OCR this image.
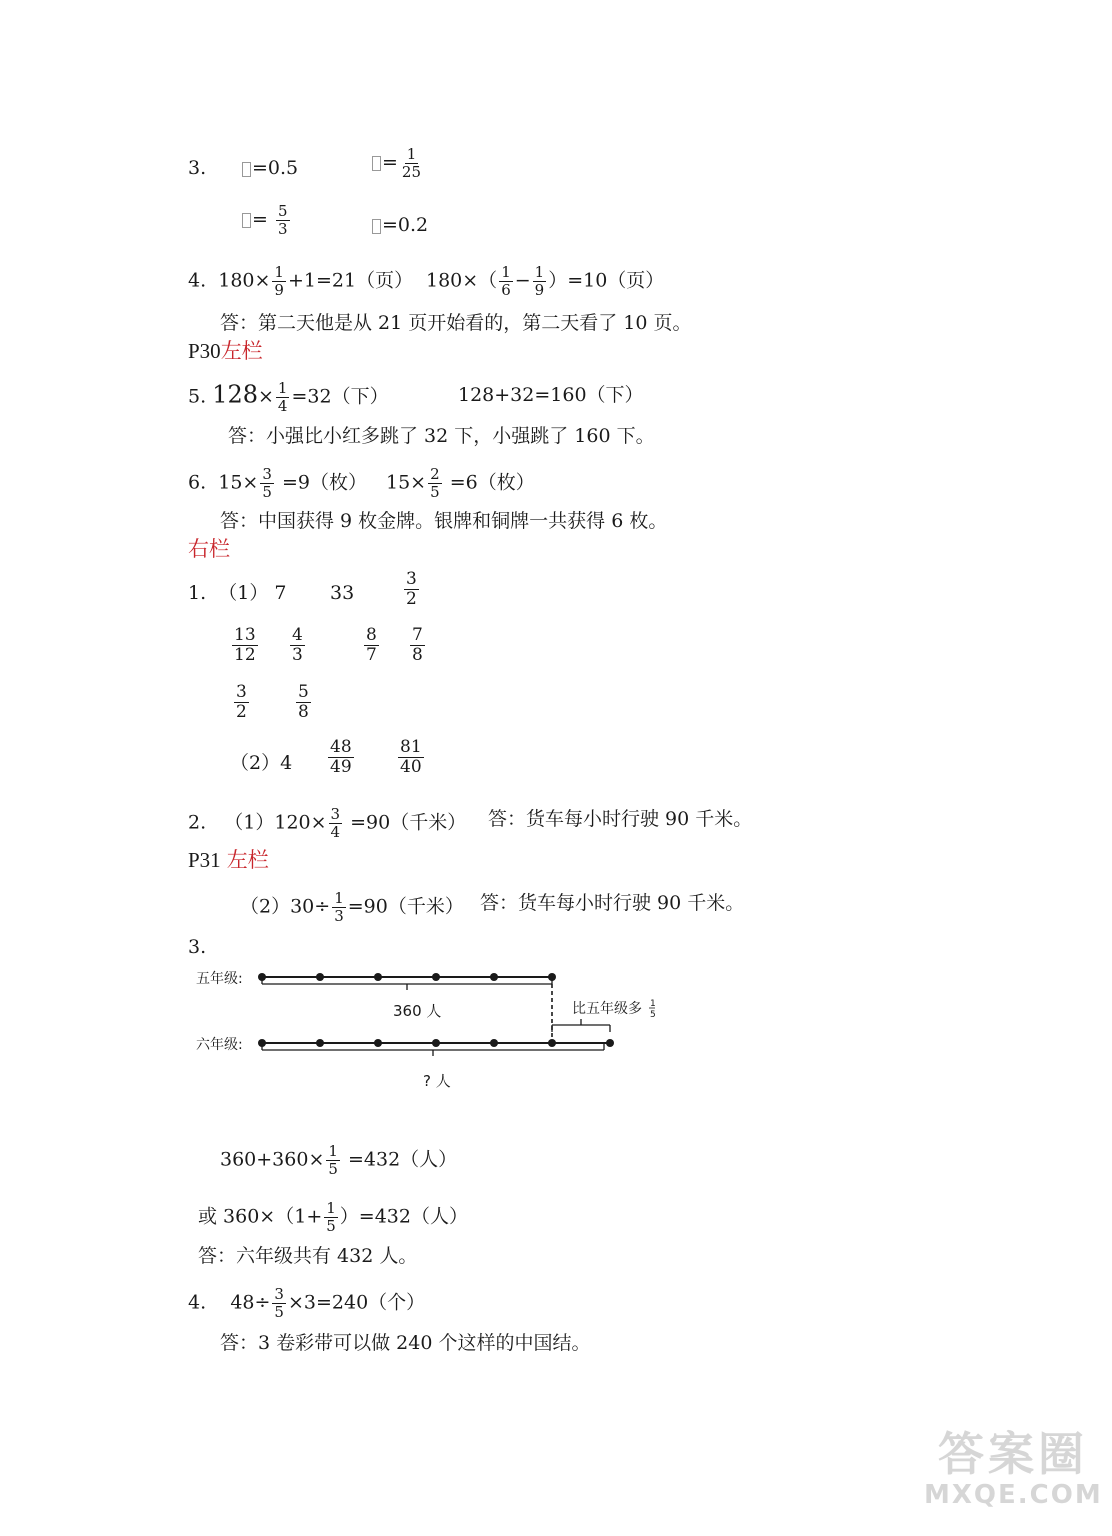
3.	=0.5	= $\frac{1}{25}$
= $\frac{5}{3}$	=0.2
4. $180\times \frac{1}{9} +1=21$（页） $180\times( \frac{1}{6} - \frac{1}{9} )=10$（页）
答：第二天他是从 21 页开始看的，第二天看了 10 页。
P30左栏
5. $128\times \frac{1}{4} =32$（下）	128+32=160（下）
答：小强比小红多跳了 32 下，小强跳了 160 下。
6. $15\times \frac{3}{5} =9$（枚） $15\times \frac{2}{5} =6$（枚）
答：中国获得 9 枚金牌。银牌和铜牌一共获得 6 枚。
右栏
1. （1） 7 33	$\frac{3}{2}$
$\frac{13}{12} \frac{4}{3}$	$\frac{8}{7} \frac{7}{8}$
$\frac{3}{2}$	$\frac{5}{8}$
$(2)4 \frac{48}{49}$	$\frac{81}{40}$
2. $(1)120\times \frac{3}{4} =90$（千米） 答：货车每小时行驶 90 千米。
P31 左栏
$(2)30\div \frac{1}{3} =90$（千米） 答：货车每小时行驶 90 千米。
3.
五年级:
360 人	比五年级多 1
5
六年级:
? 人
$360+360\times \frac{1}{5} =432$（人）
或 $360\times(1+ \frac{1}{5} )=432$（人）
答：六年级共有 432 人。
4. $48\div \frac{3}{5} \times 3=240$（个）
答：3 卷彩带可以做 240 个这样的中国结。
答案圈
MXQE.COM
